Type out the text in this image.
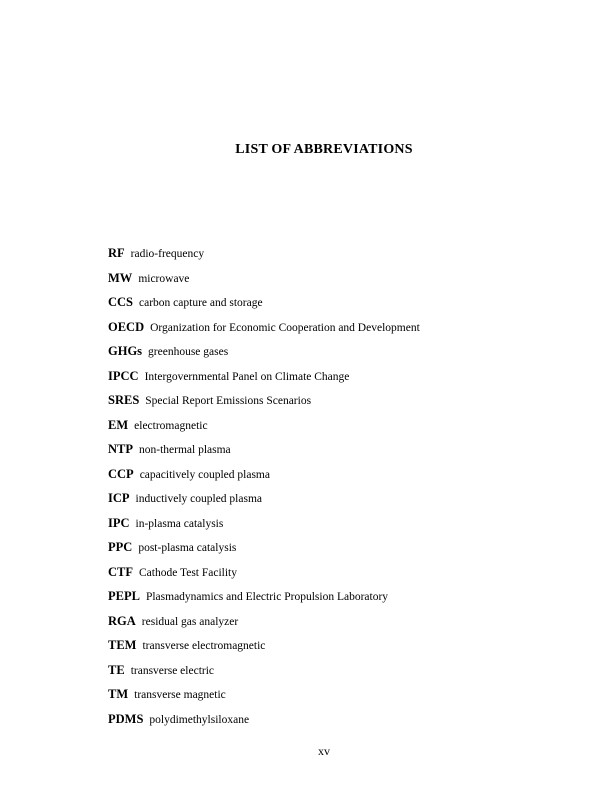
LIST OF ABBREVIATIONS
RF radio-frequency
MW microwave
CCS carbon capture and storage
OECD Organization for Economic Cooperation and Development
GHGs greenhouse gases
IPCC Intergovernmental Panel on Climate Change
SRES Special Report Emissions Scenarios
EM electromagnetic
NTP non-thermal plasma
CCP capacitively coupled plasma
ICP inductively coupled plasma
IPC in-plasma catalysis
PPC post-plasma catalysis
CTF Cathode Test Facility
PEPL Plasmadynamics and Electric Propulsion Laboratory
RGA residual gas analyzer
TEM transverse electromagnetic
TE transverse electric
TM transverse magnetic
PDMS polydimethylsiloxane
xv
